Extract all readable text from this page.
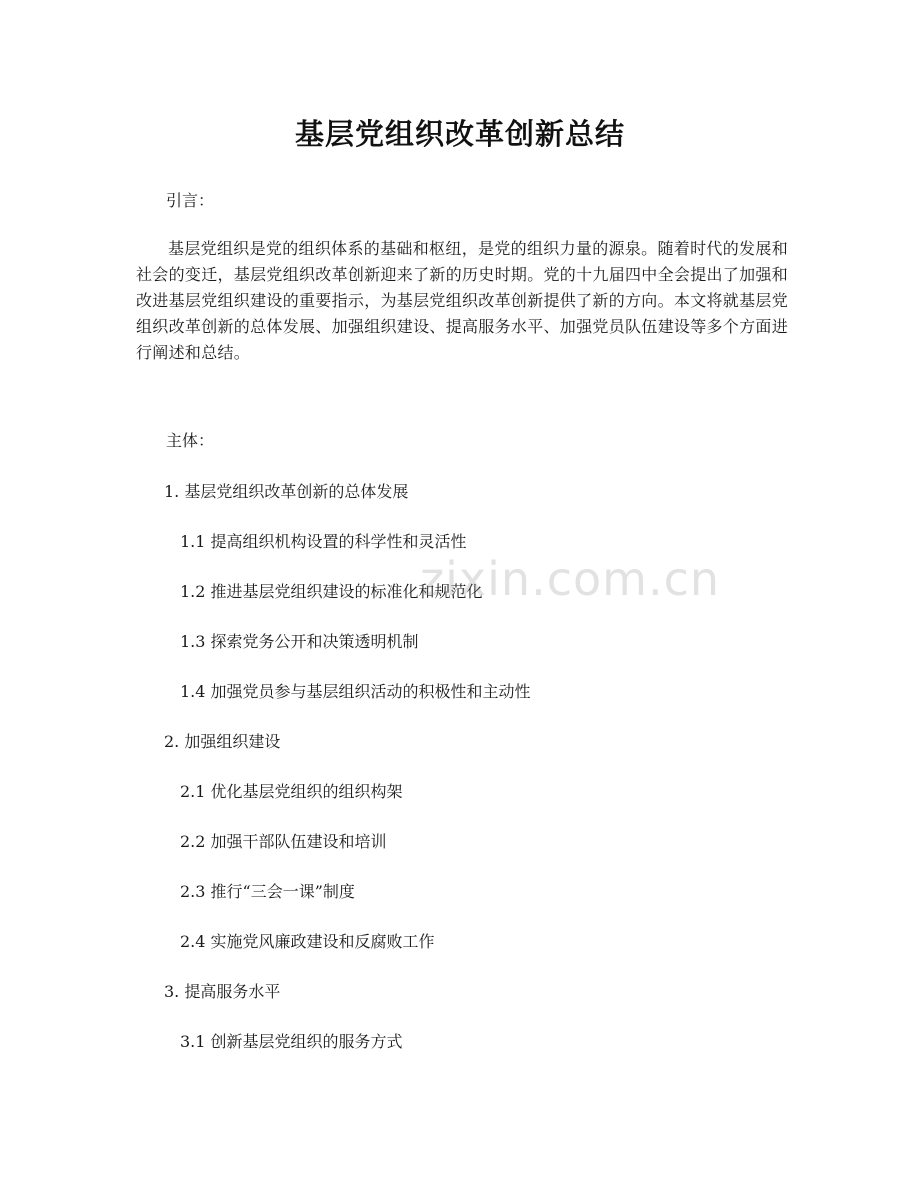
基层党组织改革创新总结
引言：

基层党组织是党的组织体系的基础和枢纽，是党的组织力量的源泉。随着时代的发展和社会的变迁，基层党组织改革创新迎来了新的历史时期。党的十九届四中全会提出了加强和改进基层党组织建设的重要指示，为基层党组织改革创新提供了新的方向。本文将就基层党组织改革创新的总体发展、加强组织建设、提高服务水平、加强党员队伍建设等多个方面进行阐述和总结。

主体：
1. 基层党组织改革创新的总体发展
1.1 提高组织机构设置的科学性和灵活性
1.2 推进基层党组织建设的标准化和规范化
1.3 探索党务公开和决策透明机制
1.4 加强党员参与基层组织活动的积极性和主动性
2. 加强组织建设
2.1 优化基层党组织的组织构架
2.2 加强干部队伍建设和培训
2.3 推行“三会一课”制度
2.4 实施党风廉政建设和反腐败工作
3. 提高服务水平
3.1 创新基层党组织的服务方式
zixin.com.cn
